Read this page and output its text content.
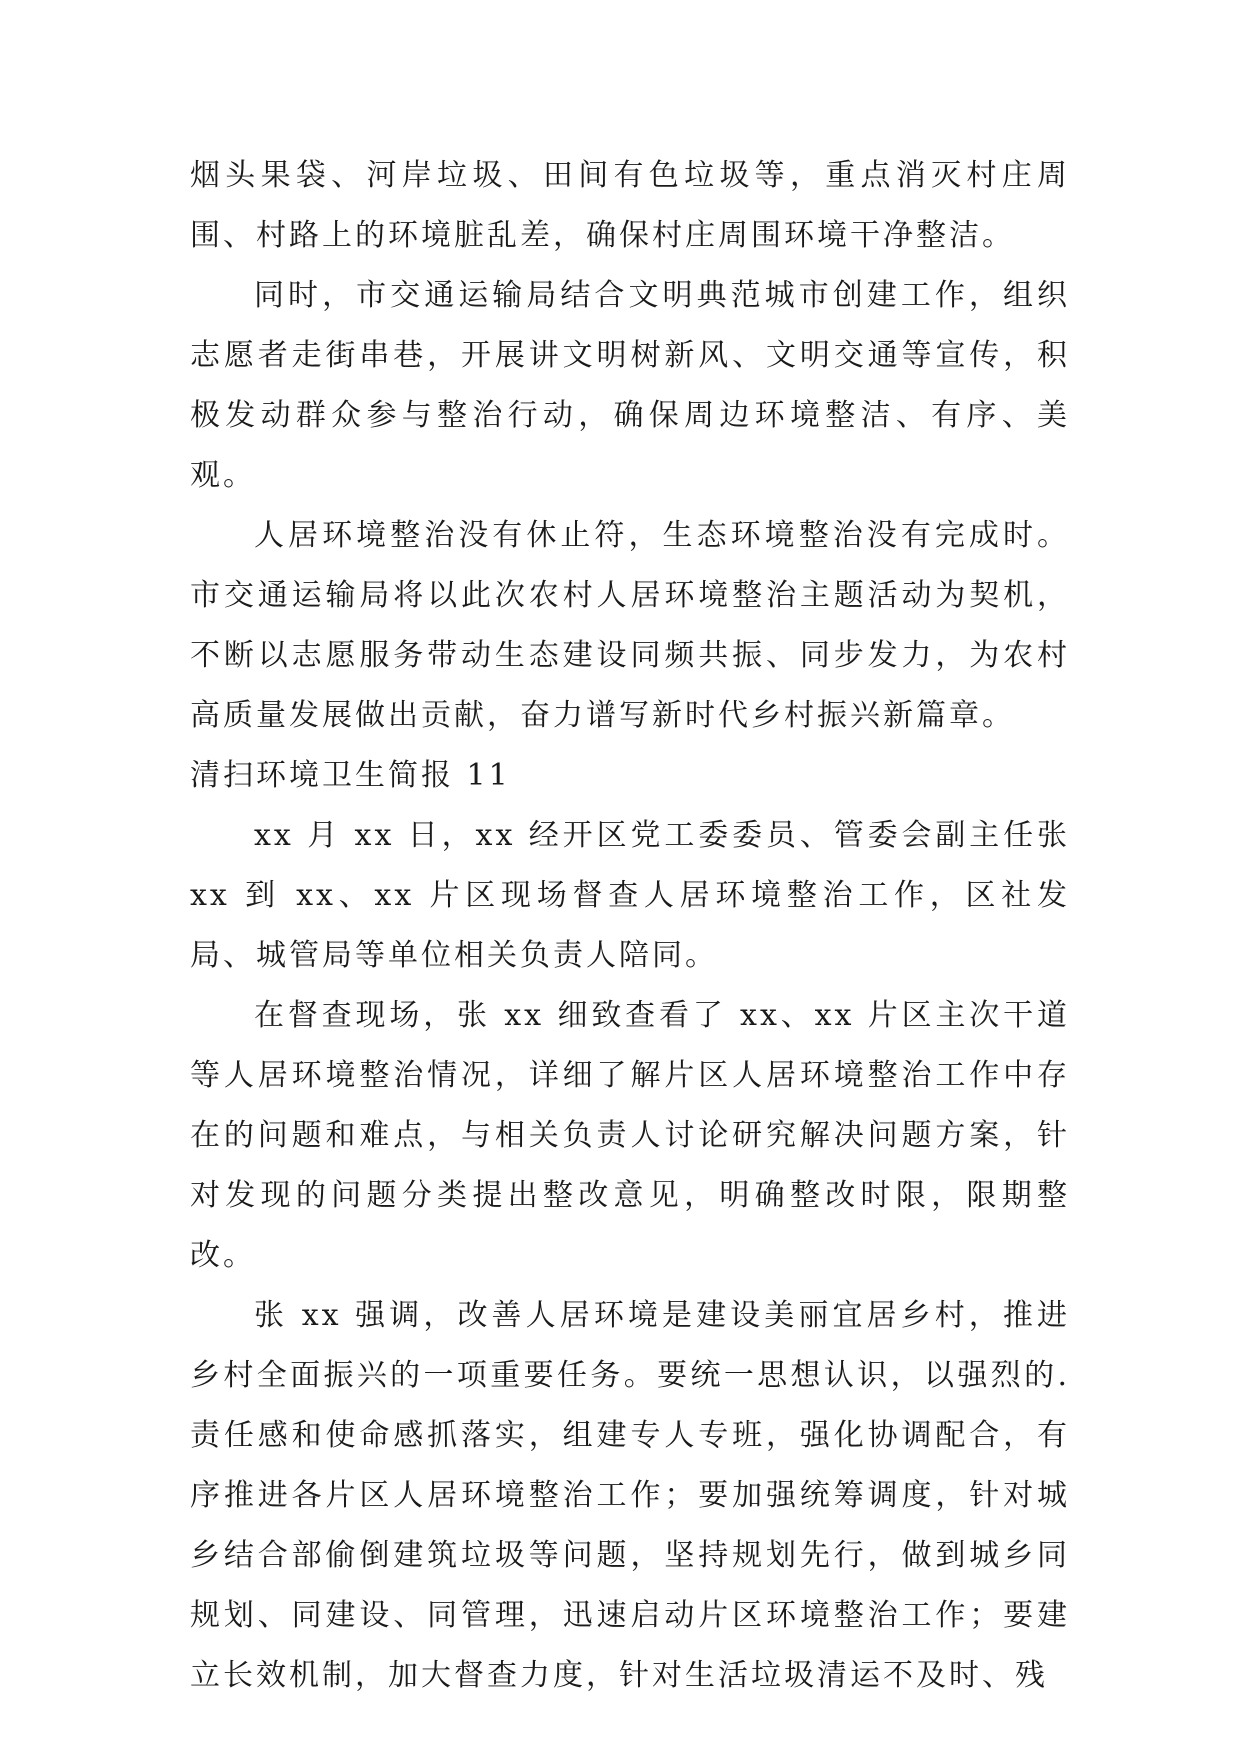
烟头果袋、河岸垃圾、田间有色垃圾等，重点消灭村庄周围、村路上的环境脏乱差，确保村庄周围环境干净整洁。

同时，市交通运输局结合文明典范城市创建工作，组织志愿者走街串巷，开展讲文明树新风、文明交通等宣传，积极发动群众参与整治行动，确保周边环境整洁、有序、美观。

人居环境整治没有休止符，生态环境整治没有完成时。市交通运输局将以此次农村人居环境整治主题活动为契机，不断以志愿服务带动生态建设同频共振、同步发力，为农村高质量发展做出贡献，奋力谱写新时代乡村振兴新篇章。

清扫环境卫生简报 11

xx 月 xx 日，xx 经开区党工委委员、管委会副主任张 xx 到 xx、xx 片区现场督查人居环境整治工作，区社发局、城管局等单位相关负责人陪同。

在督查现场，张 xx 细致查看了 xx、xx 片区主次干道等人居环境整治情况，详细了解片区人居环境整治工作中存在的问题和难点，与相关负责人讨论研究解决问题方案，针对发现的问题分类提出整改意见，明确整改时限，限期整改。

张 xx 强调，改善人居环境是建设美丽宜居乡村，推进乡村全面振兴的一项重要任务。要统一思想认识，以强烈的.责任感和使命感抓落实，组建专人专班，强化协调配合，有序推进各片区人居环境整治工作；要加强统筹调度，针对城乡结合部偷倒建筑垃圾等问题，坚持规划先行，做到城乡同规划、同建设、同管理，迅速启动片区环境整治工作；要建立长效机制，加大督查力度，针对生活垃圾清运不及时、残
